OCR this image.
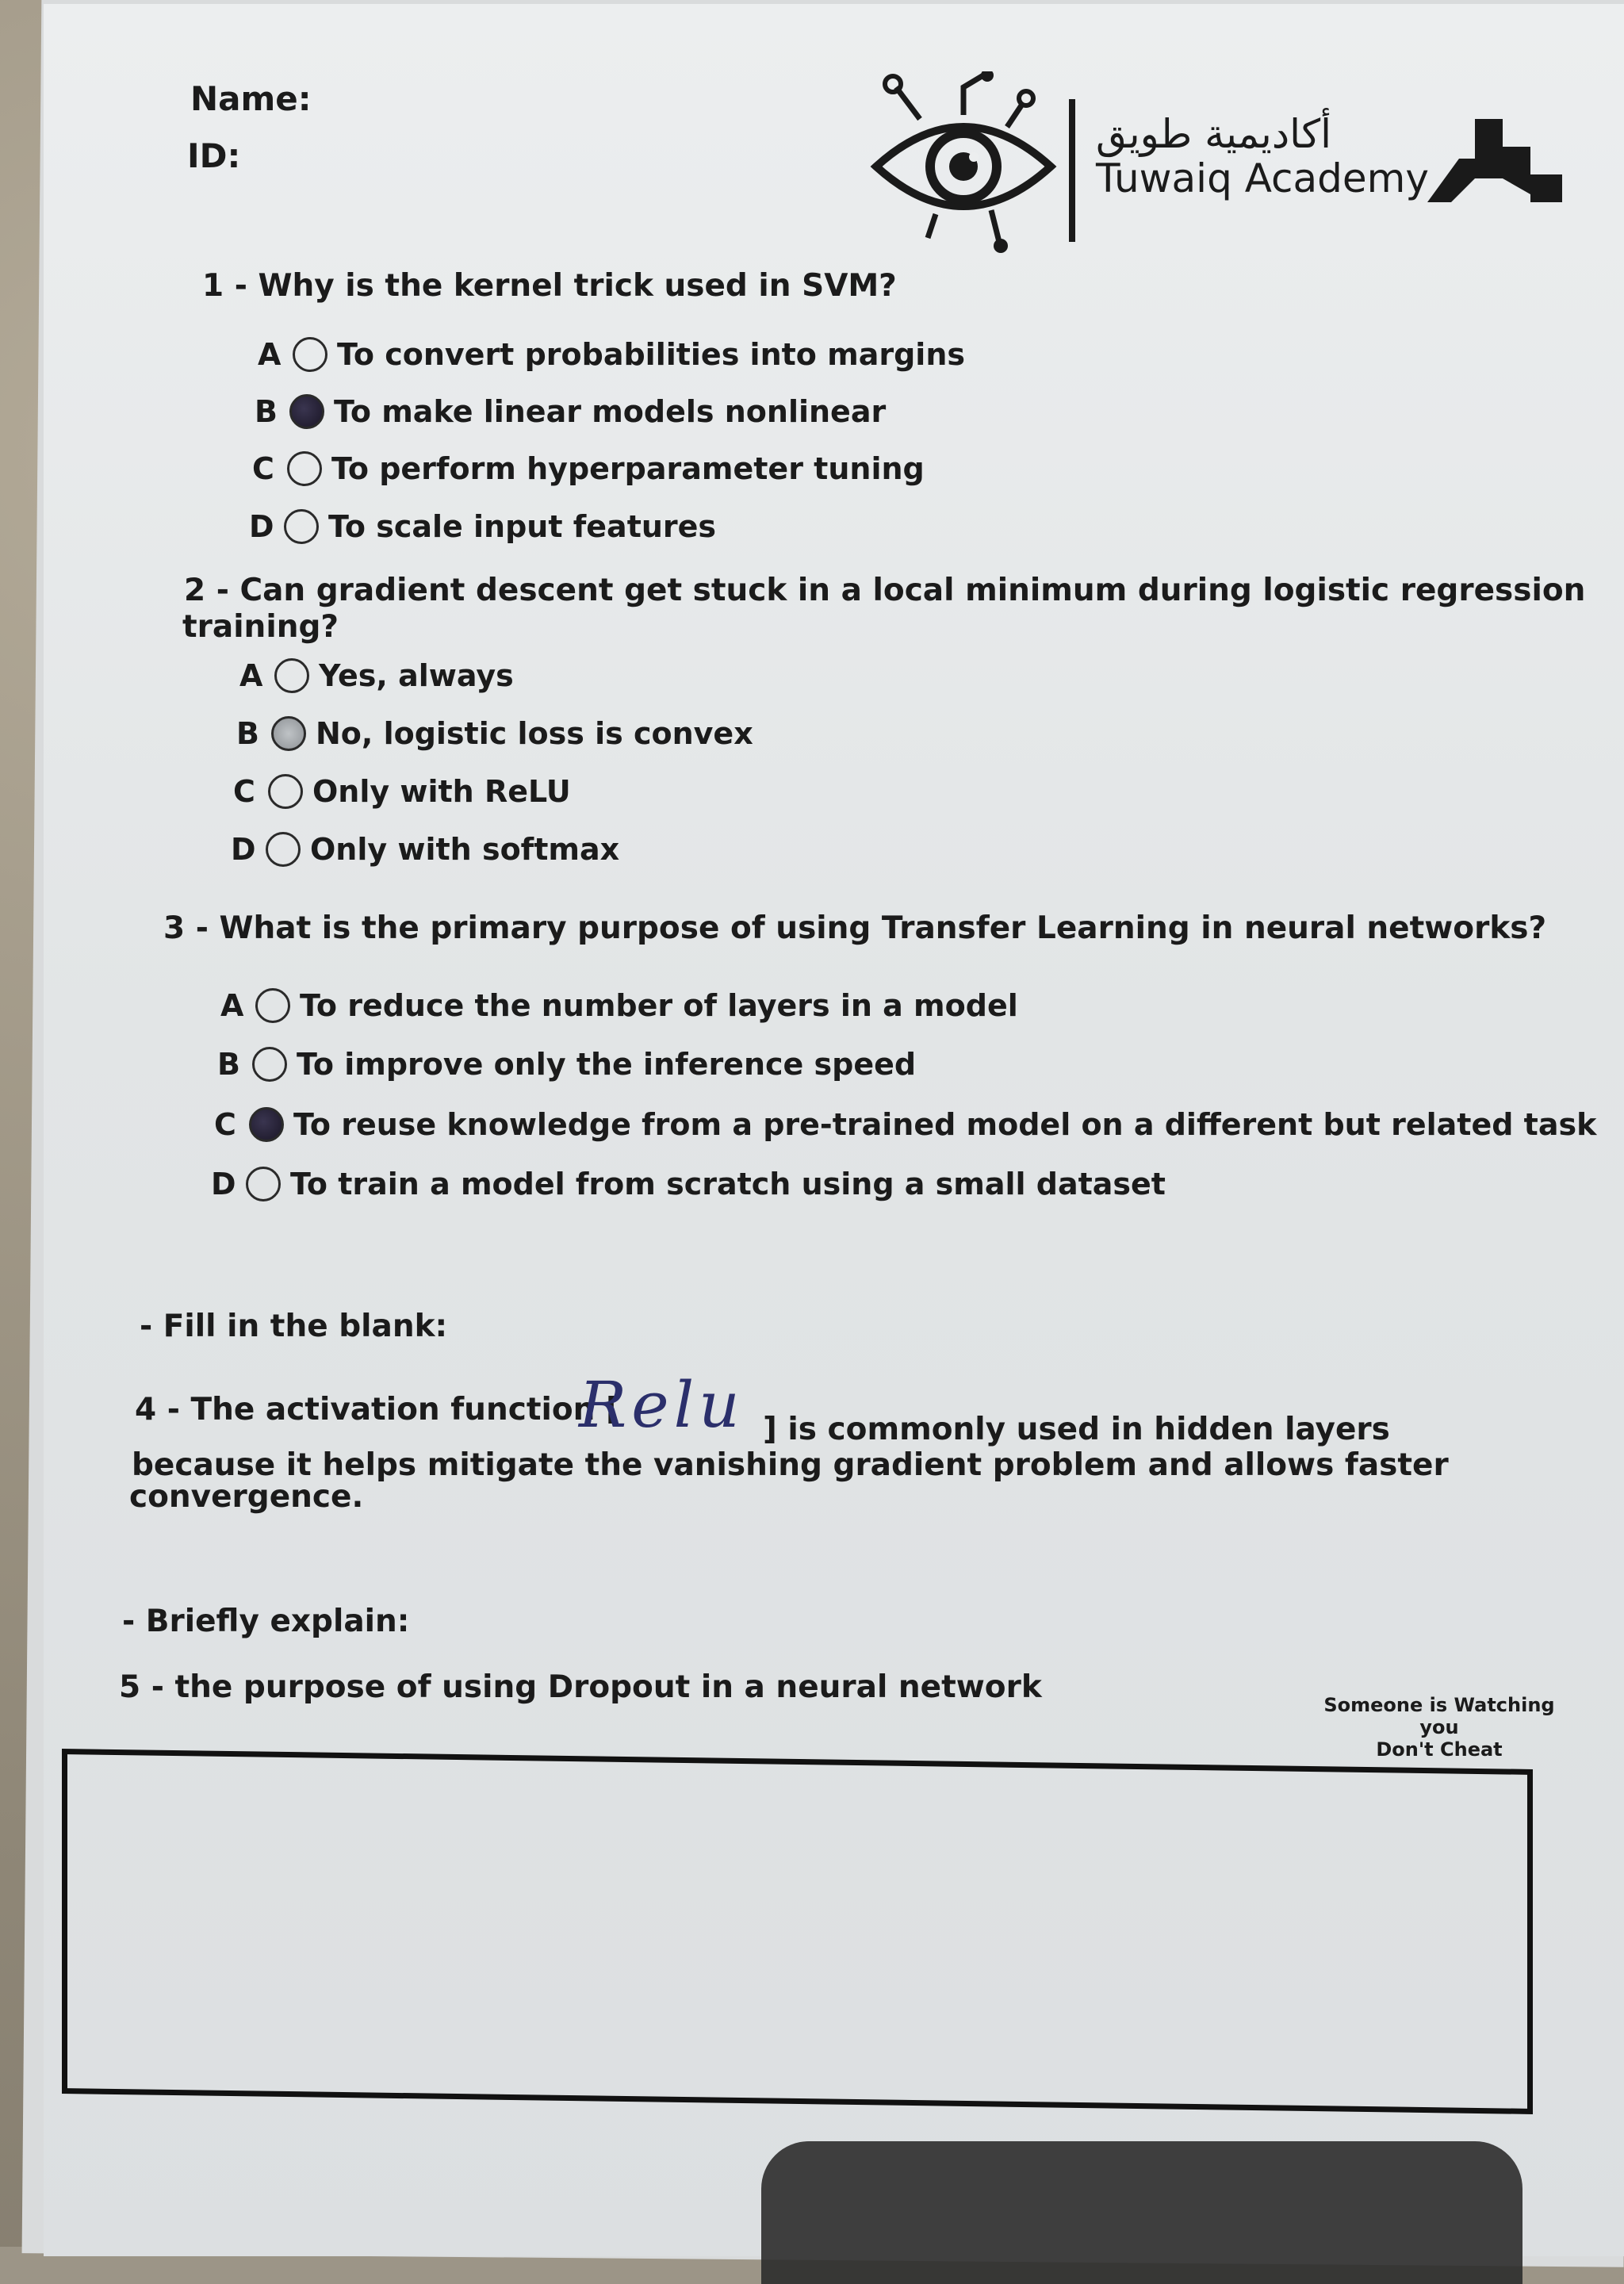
Name:
ID:	أكاديمية طويق
Tuwaiq Academy
1 - Why is the kernel trick used in SVM?
A	To convert probabilities into margins
B	To make linear models nonlinear
C	To perform hyperparameter tuning
D	To scale input features
2 - Can gradient descent get stuck in a local minimum during logistic regression
training?
A	Yes, always
B	No, logistic loss is convex
C	Only with ReLU
D	Only with softmax
3 - What is the primary purpose of using Transfer Learning in neural networks?
A	To reduce the number of layers in a model
B	To improve only the inference speed
C	To reuse knowledge from a pre-trained model on a different but related task
D	To train a model from scratch using a small dataset
- Fill in the blank:
4 - The activation function [
Relu ] is commonly used in hidden layers
because it helps mitigate the vanishing gradient problem and allows faster
convergence.
- Briefly explain:
5 - the purpose of using Dropout in a neural network	Someone is Watching you
Don't Cheat
